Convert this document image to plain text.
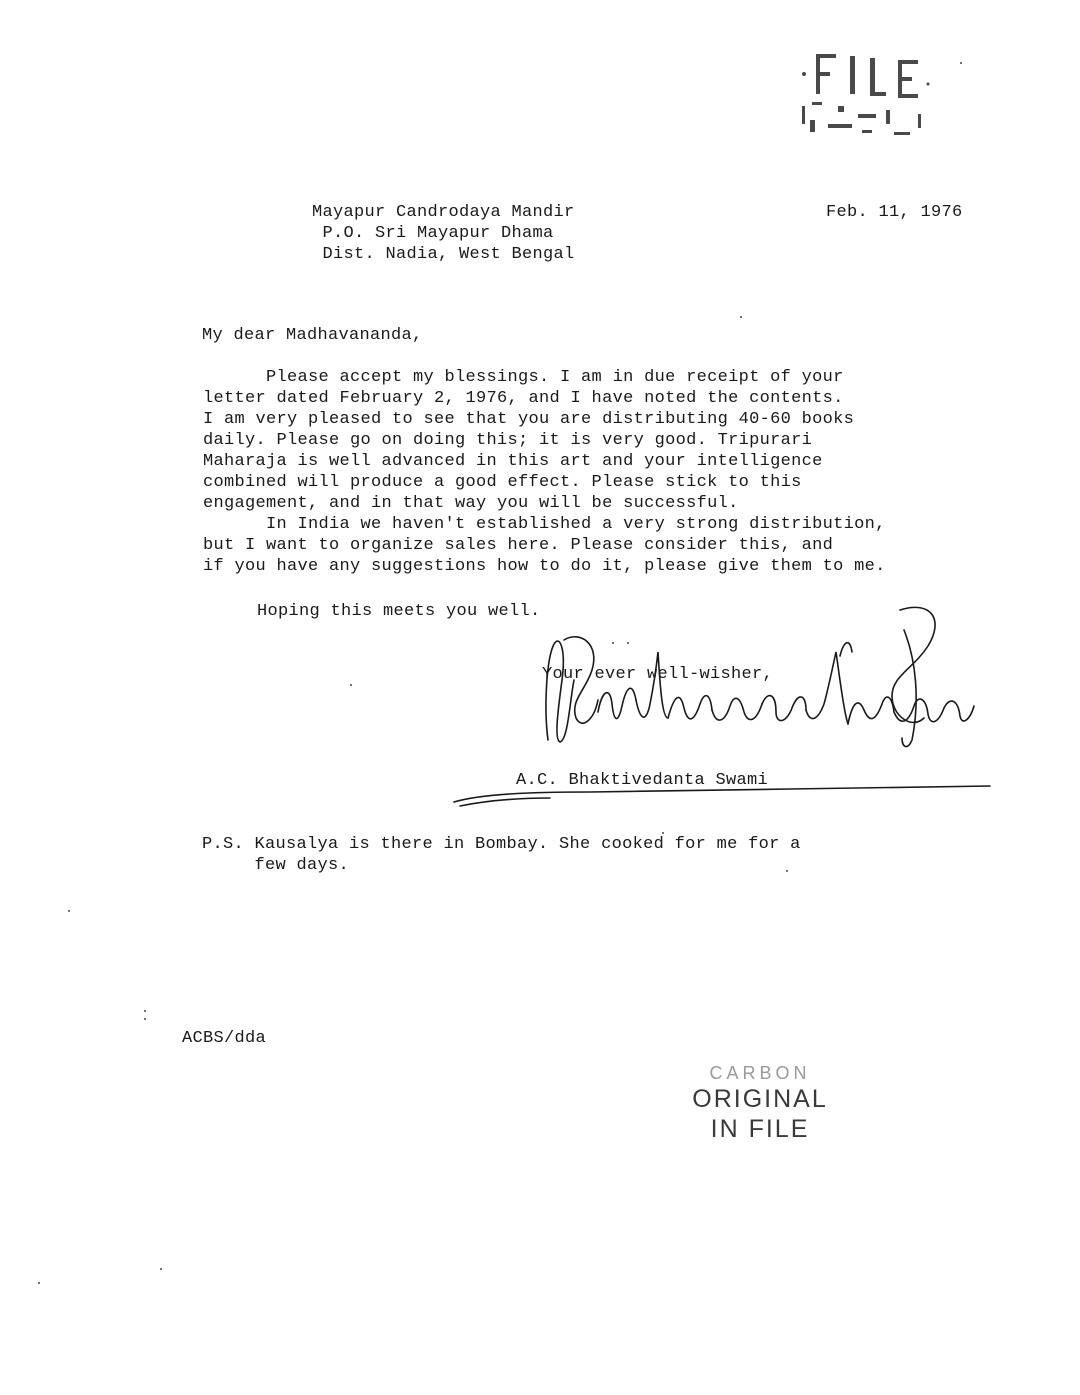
Mayapur Candrodaya Mandir
P.O. Sri Mayapur Dhama
Dist. Nadia, West Bengal
Feb. 11, 1976
My dear Madhavananda,
Please accept my blessings. I am in due receipt of your
letter dated February 2, 1976, and I have noted the contents.
I am very pleased to see that you are distributing 40-60 books
daily. Please go on doing this; it is very good. Tripurari
Maharaja is well advanced in this art and your intelligence
combined will produce a good effect. Please stick to this
engagement, and in that way you will be successful.
In India we haven't established a very strong distribution,
but I want to organize sales here. Please consider this, and
if you have any suggestions how to do it, please give them to me.
Hoping this meets you well.
Your ever well-wisher,
A.C. Bhaktivedanta Swami
P.S. Kausalya is there in Bombay. She cooked for me for a
few days.
ACBS/dda
CARBON
ORIGINAL
IN FILE
